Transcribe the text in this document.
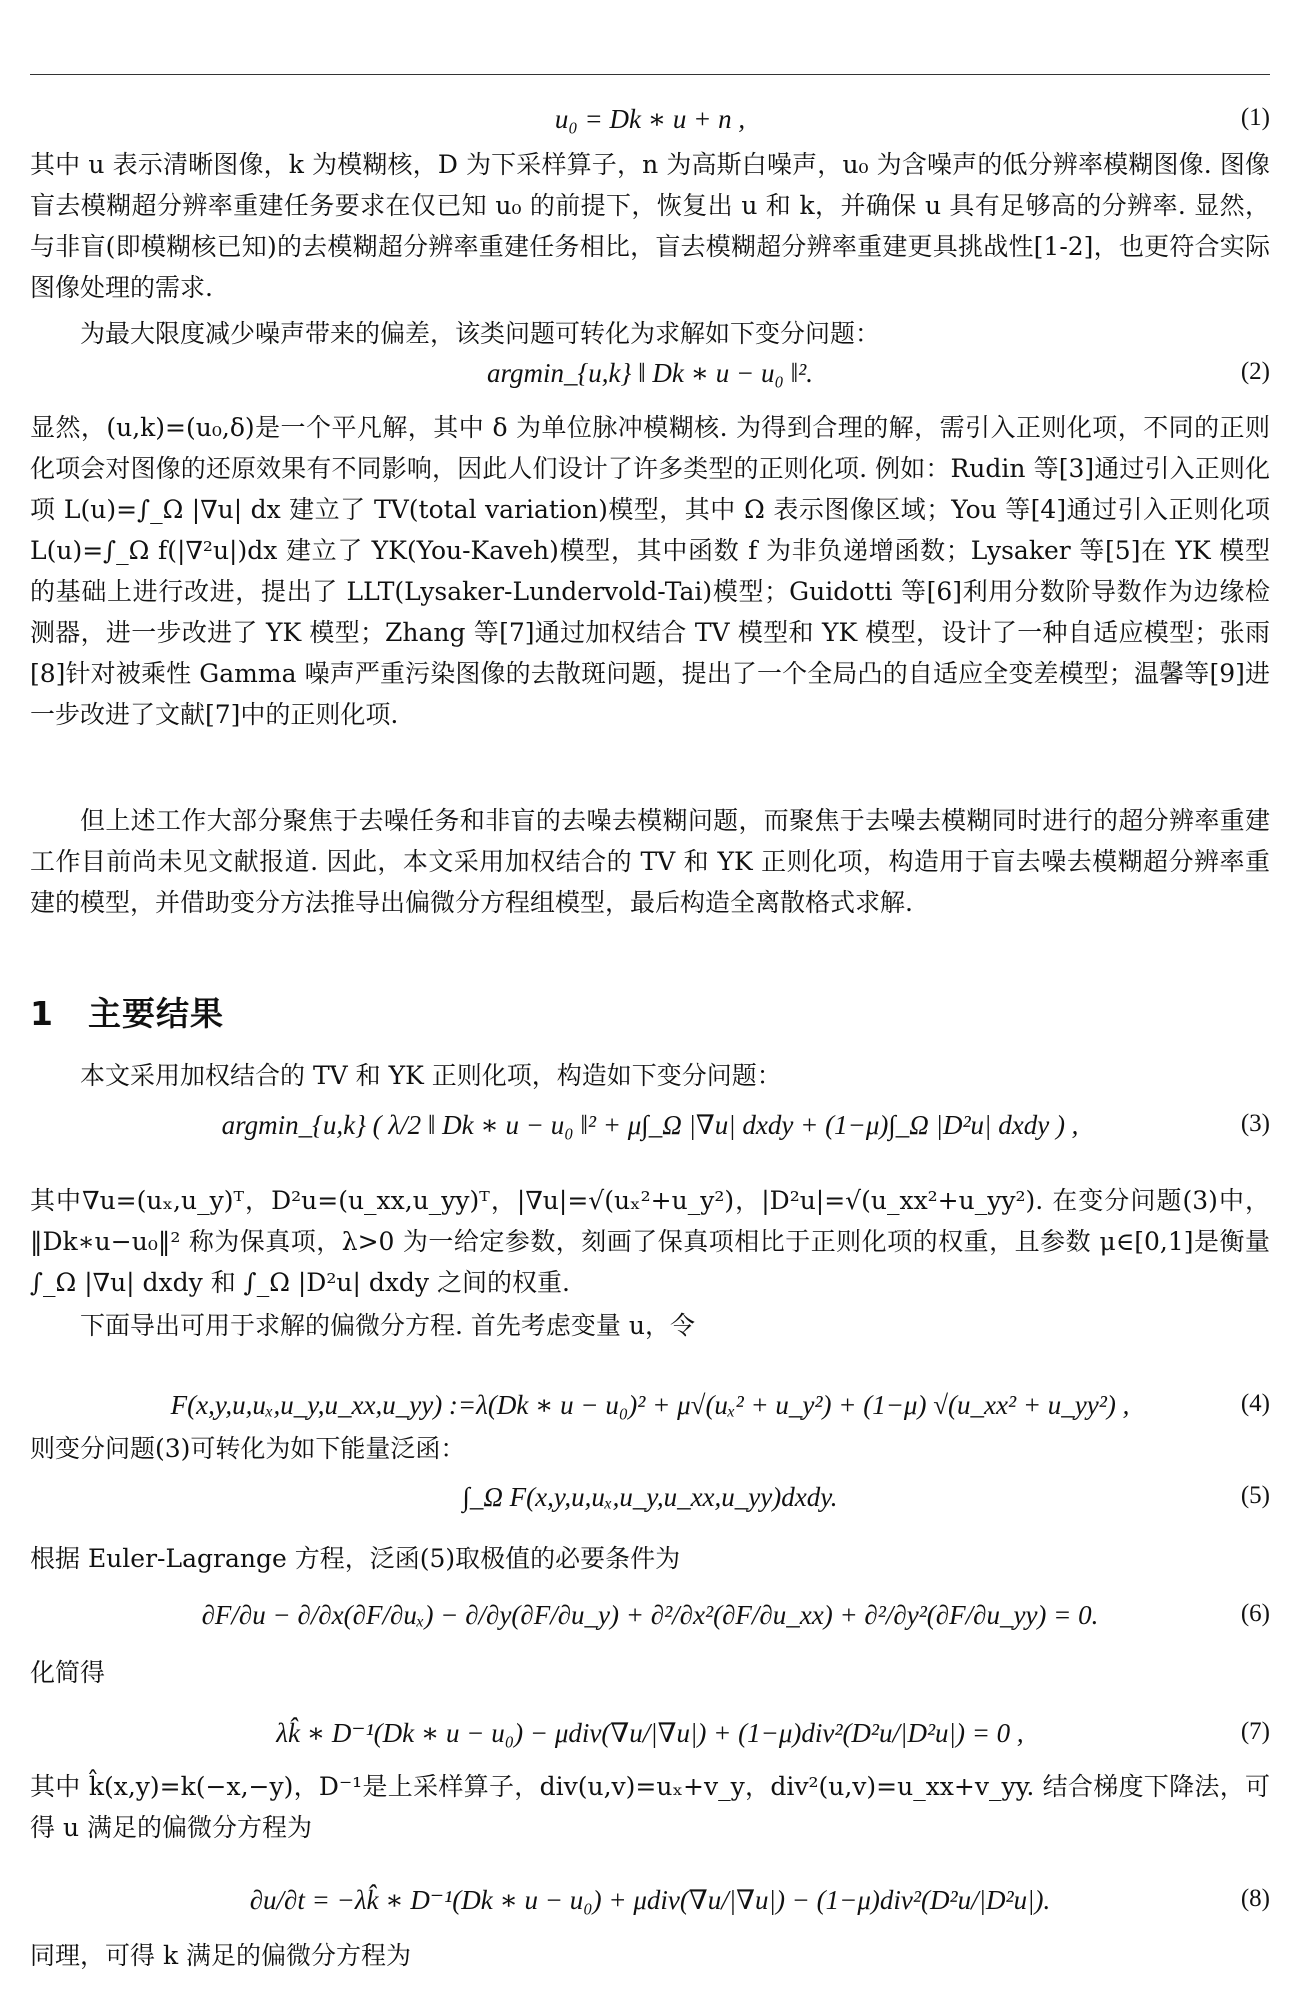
u₀ = Dk ∗ u + n ,	(1)
其中 u 表示清晰图像，k 为模糊核，D 为下采样算子，n 为高斯白噪声，u₀ 为含噪声的低分辨率模糊图像. 图像盲去模糊超分辨率重建任务要求在仅已知 u₀ 的前提下，恢复出 u 和 k，并确保 u 具有足够高的分辨率. 显然，与非盲(即模糊核已知)的去模糊超分辨率重建任务相比，盲去模糊超分辨率重建更具挑战性[1-2]，也更符合实际图像处理的需求.
为最大限度减少噪声带来的偏差，该类问题可转化为求解如下变分问题：
argmin_{u,k} ‖ Dk ∗ u − u₀ ‖².	(2)
显然，(u,k)=(u₀,δ)是一个平凡解，其中 δ 为单位脉冲模糊核. 为得到合理的解，需引入正则化项，不同的正则化项会对图像的还原效果有不同影响，因此人们设计了许多类型的正则化项. 例如：Rudin 等[3]通过引入正则化项 L(u)=∫_Ω |∇u| dx 建立了 TV(total variation)模型，其中 Ω 表示图像区域；You 等[4]通过引入正则化项 L(u)=∫_Ω f(|∇²u|)dx 建立了 YK(You-Kaveh)模型，其中函数 f 为非负递增函数；Lysaker 等[5]在 YK 模型的基础上进行改进，提出了 LLT(Lysaker-Lundervold-Tai)模型；Guidotti 等[6]利用分数阶导数作为边缘检测器，进一步改进了 YK 模型；Zhang 等[7]通过加权结合 TV 模型和 YK 模型，设计了一种自适应模型；张雨[8]针对被乘性 Gamma 噪声严重污染图像的去散斑问题，提出了一个全局凸的自适应全变差模型；温馨等[9]进一步改进了文献[7]中的正则化项.
但上述工作大部分聚焦于去噪任务和非盲的去噪去模糊问题，而聚焦于去噪去模糊同时进行的超分辨率重建工作目前尚未见文献报道. 因此，本文采用加权结合的 TV 和 YK 正则化项，构造用于盲去噪去模糊超分辨率重建的模型，并借助变分方法推导出偏微分方程组模型，最后构造全离散格式求解.
1 主要结果
本文采用加权结合的 TV 和 YK 正则化项，构造如下变分问题：
argmin_{u,k} ( λ/2 ‖ Dk ∗ u − u₀ ‖² + μ∫_Ω |∇u| dxdy + (1−μ)∫_Ω |D²u| dxdy ) ,	(3)
其中∇u=(uₓ,u_y)ᵀ，D²u=(u_xx,u_yy)ᵀ，|∇u|=√(uₓ²+u_y²)，|D²u|=√(u_xx²+u_yy²). 在变分问题(3)中，‖Dk∗u−u₀‖² 称为保真项，λ>0 为一给定参数，刻画了保真项相比于正则化项的权重，且参数 μ∈[0,1]是衡量 ∫_Ω |∇u| dxdy 和 ∫_Ω |D²u| dxdy 之间的权重.
下面导出可用于求解的偏微分方程. 首先考虑变量 u，令
F(x,y,u,uₓ,u_y,u_xx,u_yy) :=λ(Dk ∗ u − u₀)² + μ√(uₓ² + u_y²) + (1−μ) √(u_xx² + u_yy²) ,	(4)
则变分问题(3)可转化为如下能量泛函：
∫_Ω F(x,y,u,uₓ,u_y,u_xx,u_yy)dxdy.	(5)
根据 Euler-Lagrange 方程，泛函(5)取极值的必要条件为
∂F/∂u − ∂/∂x(∂F/∂uₓ) − ∂/∂y(∂F/∂u_y) + ∂²/∂x²(∂F/∂u_xx) + ∂²/∂y²(∂F/∂u_yy) = 0.	(6)
化简得
λk̂ ∗ D⁻¹(Dk ∗ u − u₀) − μdiv(∇u/|∇u|) + (1−μ)div²(D²u/|D²u|) = 0 ,	(7)
其中 k̂(x,y)=k(−x,−y)，D⁻¹是上采样算子，div(u,v)=uₓ+v_y，div²(u,v)=u_xx+v_yy. 结合梯度下降法，可得 u 满足的偏微分方程为
∂u/∂t = −λk̂ ∗ D⁻¹(Dk ∗ u − u₀) + μdiv(∇u/|∇u|) − (1−μ)div²(D²u/|D²u|).	(8)
同理，可得 k 满足的偏微分方程为
